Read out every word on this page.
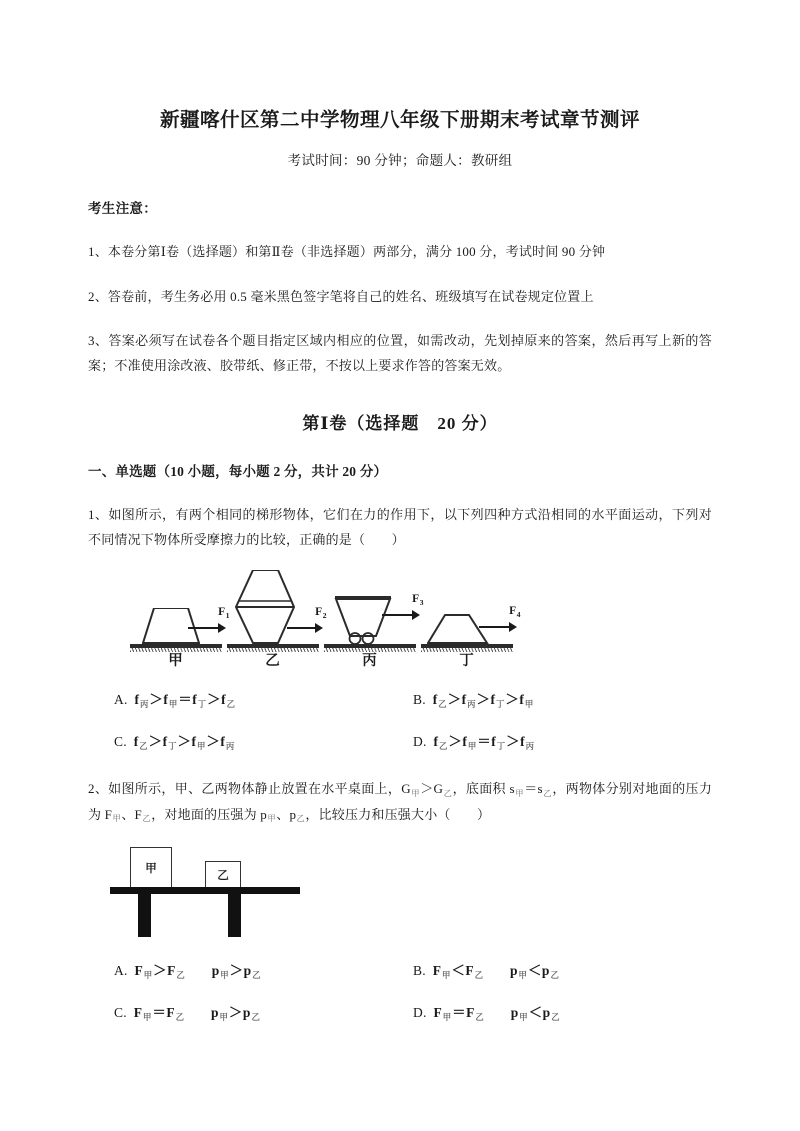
新疆喀什区第二中学物理八年级下册期末考试章节测评
考试时间：90 分钟；命题人：教研组
考生注意：

1、本卷分第Ⅰ卷（选择题）和第Ⅱ卷（非选择题）两部分，满分 100 分，考试时间 90 分钟

2、答卷前，考生务必用 0.5 毫米黑色签字笔将自己的姓名、班级填写在试卷规定位置上

3、答案必须写在试卷各个题目指定区域内相应的位置，如需改动，先划掉原来的答案，然后再写上新的答案；不准使用涂改液、胶带纸、修正带，不按以上要求作答的答案无效。

第Ⅰ卷（选择题　20 分）
一、单选题（10 小题，每小题 2 分，共计 20 分）

1、如图所示，有两个相同的梯形物体，它们在力的作用下，以下列四种方式沿相同的水平面运动，下列对不同情况下物体所受摩擦力的比较，正确的是（　　）

$F_1$
甲
$F_2$
乙
$F_3$
丙
$F_4$
丁
A. $f_丙>f_甲=f_丁>f_乙$	B. $f_乙>f_丙>f_丁>f_甲$
C. $f_乙>f_丁>f_甲>f_丙$	D. $f_乙>f_甲=f_丁>f_丙$

2、如图所示，甲、乙两物体静止放置在水平桌面上，$G_甲>G_乙$，底面积 $s_甲=s_乙$，两物体分别对地面的压力为 $F_甲$、$F_乙$，对地面的压强为 $p_甲$、$p_乙$，比较压力和压强大小（　　）

甲
乙
A. $F_甲>F_乙$ $p_甲>p_乙$	B. $F_甲<F_乙$ $p_甲<p_乙$
C. $F_甲=F_乙$ $p_甲>p_乙$	D. $F_甲=F_乙$ $p_甲<p_乙$
